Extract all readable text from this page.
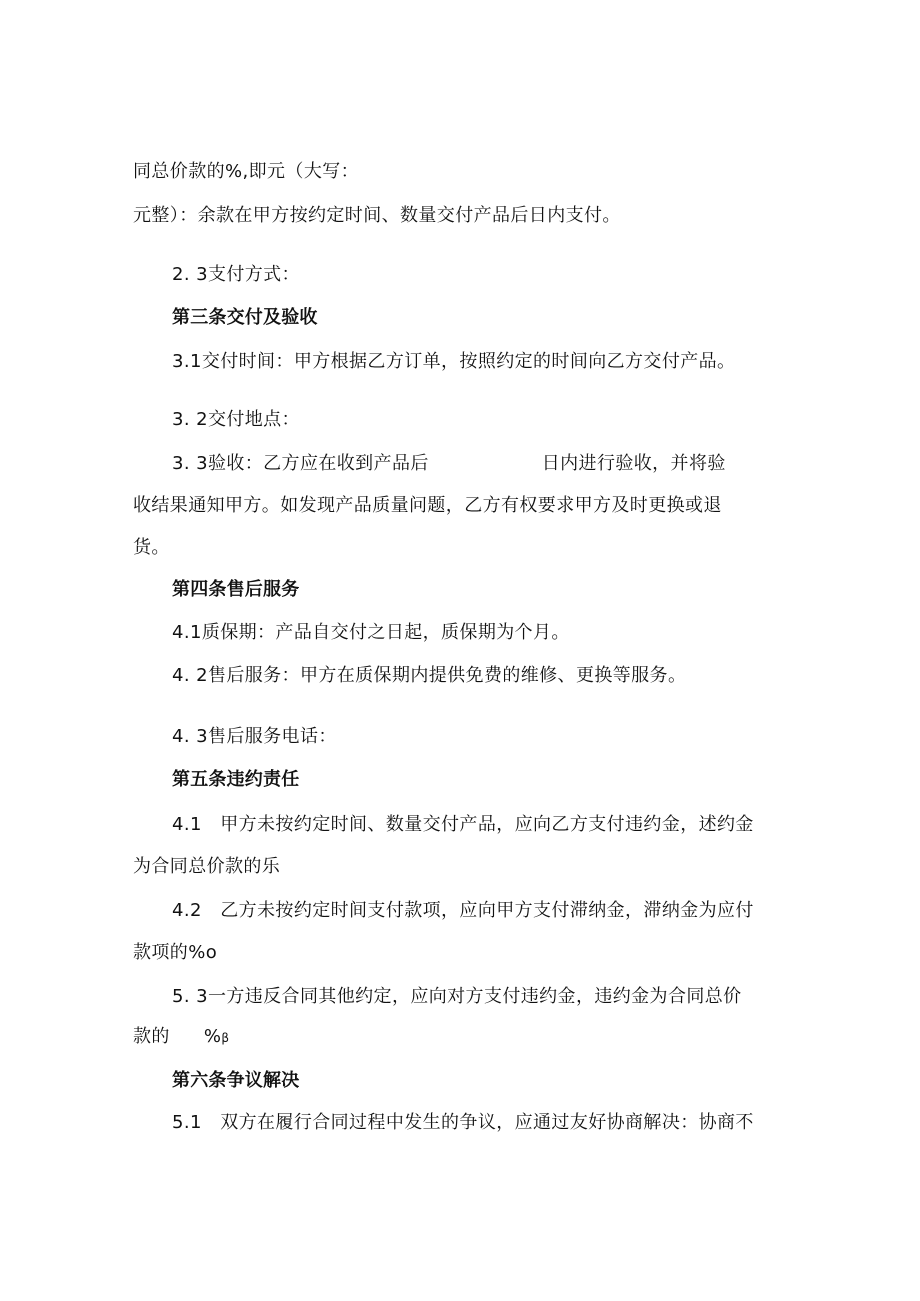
同总价款的%,即元（大写：
元整）：余款在甲方按约定时间、数量交付产品后日内支付。
2. 3支付方式：
第三条交付及验收
3.1交付时间：甲方根据乙方订单，按照约定的时间向乙方交付产品。
3. 2交付地点：
3. 3验收：乙方应在收到产品后	日内进行验收，并将验
收结果通知甲方。如发现产品质量问题，乙方有权要求甲方及时更换或退
货。
第四条售后服务
4.1质保期：产品自交付之日起，质保期为个月。
4. 2售后服务：甲方在质保期内提供免费的维修、更换等服务。
4. 3售后服务电话：
第五条违约责任
4.1　甲方未按约定时间、数量交付产品，应向乙方支付违约金，述约金
为合同总价款的乐
4.2　乙方未按约定时间支付款项，应向甲方支付滞纳金，滞纳金为应付
款项的%o
5. 3一方违反合同其他约定，应向对方支付违约金，违约金为合同总价
款的 %β
第六条争议解决
5.1　双方在履行合同过程中发生的争议，应通过友好协商解决：协商不
